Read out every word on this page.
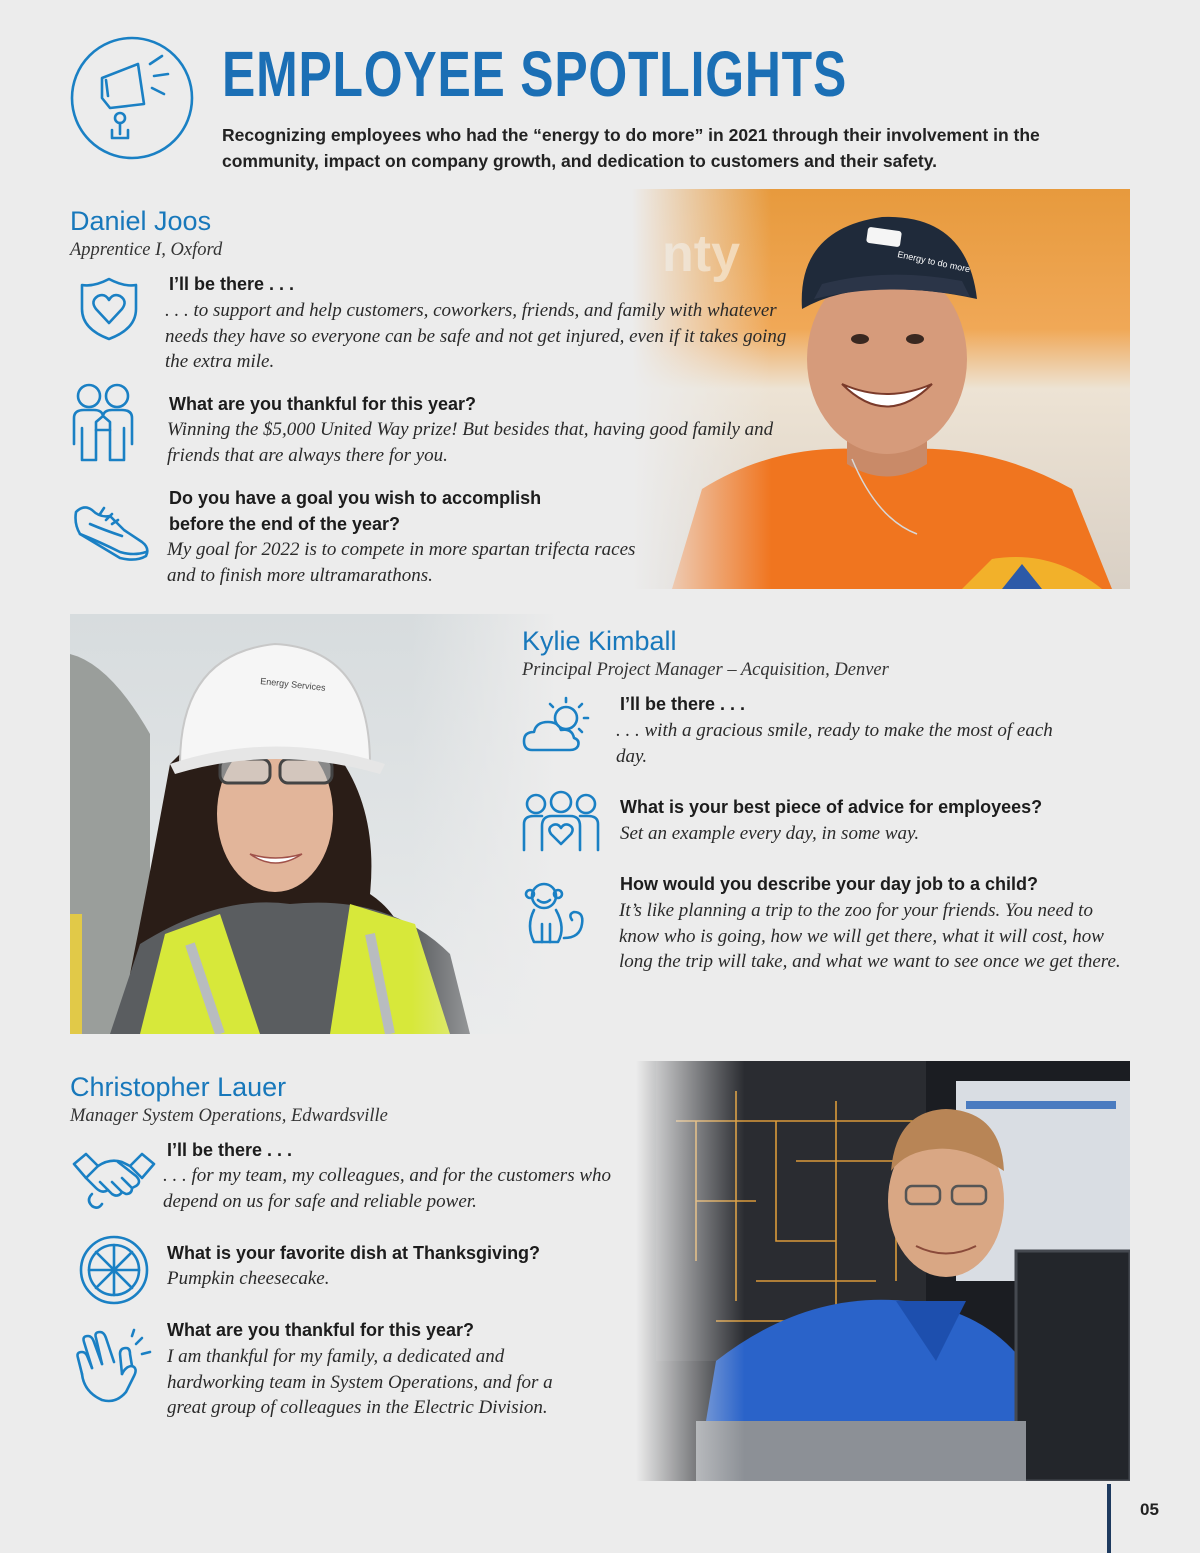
EMPLOYEE SPOTLIGHTS

Recognizing employees who had the “energy to do more” in 2021 through their involvement in the community, impact on company growth, and dedication to customers and their safety.

Daniel Joos

Apprentice I, Oxford

I’ll be there . . .

. . . to support and help customers, coworkers, friends, and family with whatever needs they have so everyone can be safe and not get injured, even if it takes going the extra mile.

What are you thankful for this year?

Winning the $5,000 United Way prize! But besides that, having good family and friends that are always there for you.

Do you have a goal you wish to accomplish before the end of the year?

My goal for 2022 is to compete in more spartan trifecta races and to finish more ultramarathons.

Kylie Kimball

Principal Project Manager – Acquisition, Denver

I’ll be there . . .

. . . with a gracious smile, ready to make the most of each day.

What is your best piece of advice for employees?

Set an example every day, in some way.

How would you describe your day job to a child?

It’s like planning a trip to the zoo for your friends. You need to know who is going, how we will get there, what it will cost, how long the trip will take, and what we want to see once we get there.

Christopher Lauer

Manager System Operations, Edwardsville

I’ll be there . . .

. . . for my team, my colleagues, and for the customers who depend on us for safe and reliable power.

What is your favorite dish at Thanksgiving?

Pumpkin cheesecake.

What are you thankful for this year?

I am thankful for my family, a dedicated and hardworking team in System Operations, and for a great group of colleagues in the Electric Division.

05
